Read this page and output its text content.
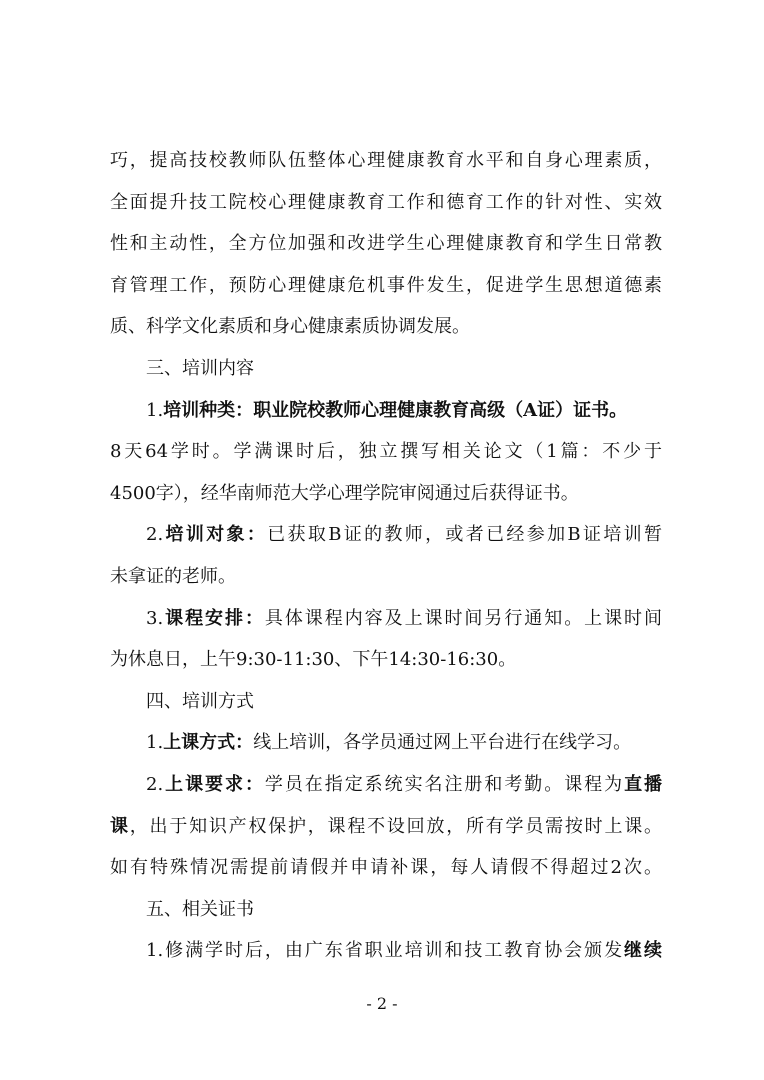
巧，提高技校教师队伍整体心理健康教育水平和自身心理素质，
全面提升技工院校心理健康教育工作和德育工作的针对性、实效
性和主动性，全方位加强和改进学生心理健康教育和学生日常教
育管理工作，预防心理健康危机事件发生，促进学生思想道德素
质、科学文化素质和身心健康素质协调发展。
三、培训内容
1.培训种类：职业院校教师心理健康教育高级（A证）证书。
8天64学时。学满课时后，独立撰写相关论文（1篇：不少于
4500字），经华南师范大学心理学院审阅通过后获得证书。
2.培训对象：已获取B证的教师，或者已经参加B证培训暂
未拿证的老师。
3.课程安排：具体课程内容及上课时间另行通知。上课时间
为休息日，上午9:30-11:30、下午14:30-16:30。
四、培训方式
1.上课方式：线上培训，各学员通过网上平台进行在线学习。
2.上课要求：学员在指定系统实名注册和考勤。课程为直播
课，出于知识产权保护，课程不设回放，所有学员需按时上课。
如有特殊情况需提前请假并申请补课，每人请假不得超过2次。
五、相关证书
1.修满学时后，由广东省职业培训和技工教育协会颁发继续
- 2 -
